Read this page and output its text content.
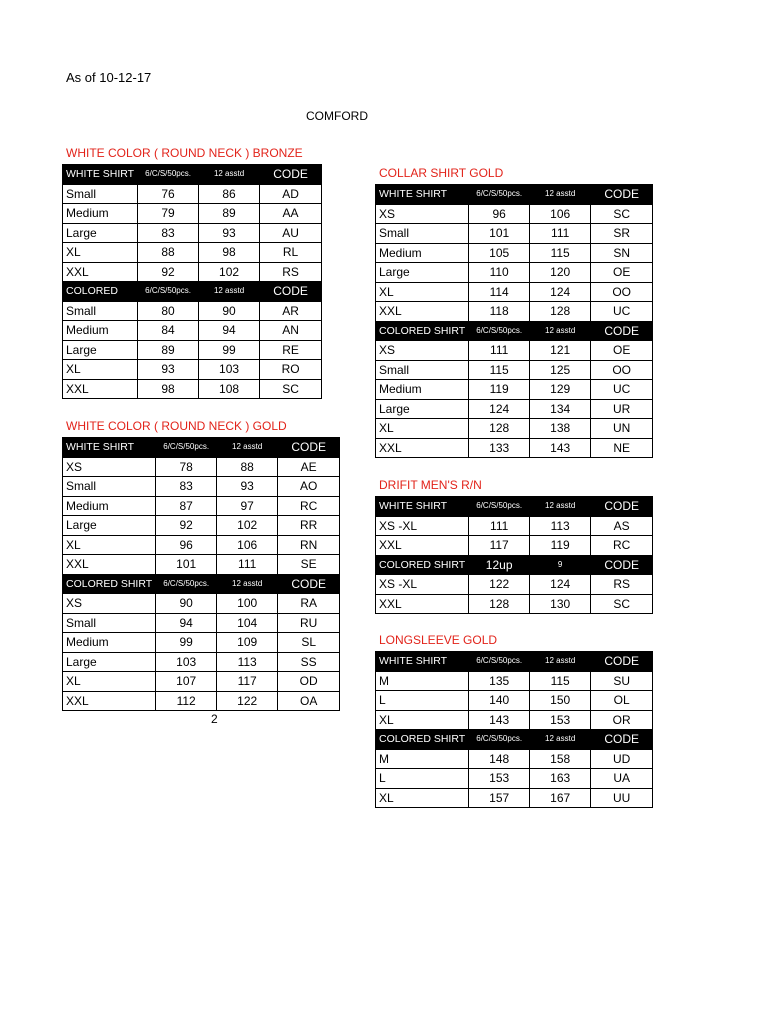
As of 10-12-17
COMFORD
2
WHITE COLOR ( ROUND NECK ) BRONZE
WHITE SHIRT	6/C/S/50pcs.	12 asstd	CODE
Small	76	86	AD
Medium	79	89	AA
Large	83	93	AU
XL	88	98	RL
XXL	92	102	RS
COLORED	6/C/S/50pcs.	12 asstd	CODE
Small	80	90	AR
Medium	84	94	AN
Large	89	99	RE
XL	93	103	RO
XXL	98	108	SC
WHITE COLOR ( ROUND NECK ) GOLD
WHITE SHIRT	6/C/S/50pcs.	12 asstd	CODE
XS	78	88	AE
Small	83	93	AO
Medium	87	97	RC
Large	92	102	RR
XL	96	106	RN
XXL	101	111	SE
COLORED SHIRT	6/C/S/50pcs.	12 asstd	CODE
XS	90	100	RA
Small	94	104	RU
Medium	99	109	SL
Large	103	113	SS
XL	107	117	OD
XXL	112	122	OA
COLLAR SHIRT GOLD
WHITE SHIRT	6/C/S/50pcs.	12 asstd	CODE
XS	96	106	SC
Small	101	111	SR
Medium	105	115	SN
Large	110	120	OE
XL	114	124	OO
XXL	118	128	UC
COLORED SHIRT	6/C/S/50pcs.	12 asstd	CODE
XS	111	121	OE
Small	115	125	OO
Medium	119	129	UC
Large	124	134	UR
XL	128	138	UN
XXL	133	143	NE
DRIFIT MEN'S R/N
WHITE SHIRT	6/C/S/50pcs.	12 asstd	CODE
XS -XL	111	113	AS
XXL	117	119	RC
COLORED SHIRT	12up	9	CODE
XS -XL	122	124	RS
XXL	128	130	SC
LONGSLEEVE GOLD
WHITE SHIRT	6/C/S/50pcs.	12 asstd	CODE
M	135	115	SU
L	140	150	OL
XL	143	153	OR
COLORED SHIRT	6/C/S/50pcs.	12 asstd	CODE
M	148	158	UD
L	153	163	UA
XL	157	167	UU
